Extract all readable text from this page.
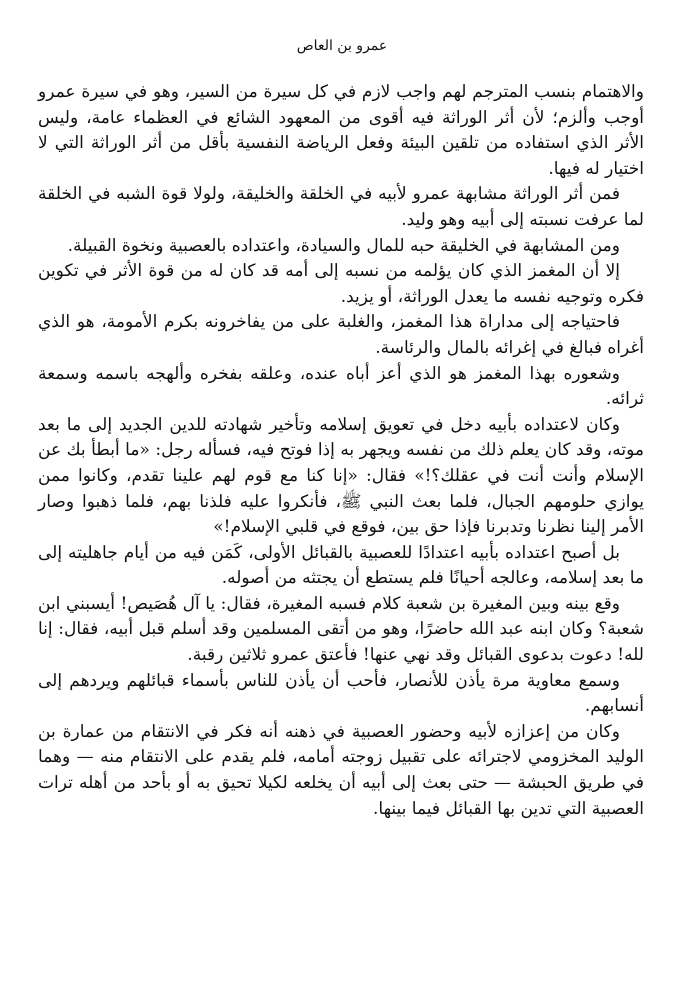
عمرو بن العاص

والاهتمام بنسب المترجم لهم واجب لازم في كل سيرة من السير، وهو في سيرة عمرو أوجب وألزم؛ لأن أثر الوراثة فيه أقوى من المعهود الشائع في العظماء عامة، وليس الأثر الذي استفاده من تلقين البيئة وفعل الرياضة النفسية بأقل من أثر الوراثة التي لا اختيار له فيها.

فمن أثر الوراثة مشابهة عمرو لأبيه في الخلقة والخليقة، ولولا قوة الشبه في الخلقة لما عرفت نسبته إلى أبيه وهو وليد.

ومن المشابهة في الخليقة حبه للمال والسيادة، واعتداده بالعصبية ونخوة القبيلة.

إلا أن المغمز الذي كان يؤلمه من نسبه إلى أمه قد كان له من قوة الأثر في تكوين فكره وتوجيه نفسه ما يعدل الوراثة، أو يزيد.

فاحتياجه إلى مداراة هذا المغمز، والغلبة على من يفاخرونه بكرم الأمومة، هو الذي أغراه فبالغ في إغرائه بالمال والرئاسة.

وشعوره بهذا المغمز هو الذي أعز أباه عنده، وعلقه بفخره وألهجه باسمه وسمعة ثرائه.

وكان لاعتداده بأبيه دخل في تعويق إسلامه وتأخير شهادته للدين الجديد إلى ما بعد موته، وقد كان يعلم ذلك من نفسه ويجهر به إذا فوتح فيه، فسأله رجل: «ما أبطأ بك عن الإسلام وأنت أنت في عقلك؟!» فقال: «إنا كنا مع قوم لهم علينا تقدم، وكانوا ممن يوازي حلومهم الجبال، فلما بعث النبي ﷺ، فأنكروا عليه فلذنا بهم، فلما ذهبوا وصار الأمر إلينا نظرنا وتدبرنا فإذا حق بين، فوقع في قلبي الإسلام!»

بل أصبح اعتداده بأبيه اعتدادًا للعصبية بالقبائل الأولى، كَمَن فيه من أيام جاهليته إلى ما بعد إسلامه، وعالجه أحيانًا فلم يستطع أن يجتثه من أصوله.

وقع بينه وبين المغيرة بن شعبة كلام فسبه المغيرة، فقال: يا آل هُصَيص! أيسبني ابن شعبة؟ وكان ابنه عبد الله حاضرًا، وهو من أتقى المسلمين وقد أسلم قبل أبيه، فقال: إنا لله! دعوت بدعوى القبائل وقد نهي عنها! فأعتق عمرو ثلاثين رقبة.

وسمع معاوية مرة يأذن للأنصار، فأحب أن يأذن للناس بأسماء قبائلهم ويردهم إلى أنسابهم.

وكان من إعزازه لأبيه وحضور العصبية في ذهنه أنه فكر في الانتقام من عمارة بن الوليد المخزومي لاجترائه على تقبيل زوجته أمامه، فلم يقدم على الانتقام منه — وهما في طريق الحبشة — حتى بعث إلى أبيه أن يخلعه لكيلا تحيق به أو بأحد من أهله ترات العصبية التي تدين بها القبائل فيما بينها.
